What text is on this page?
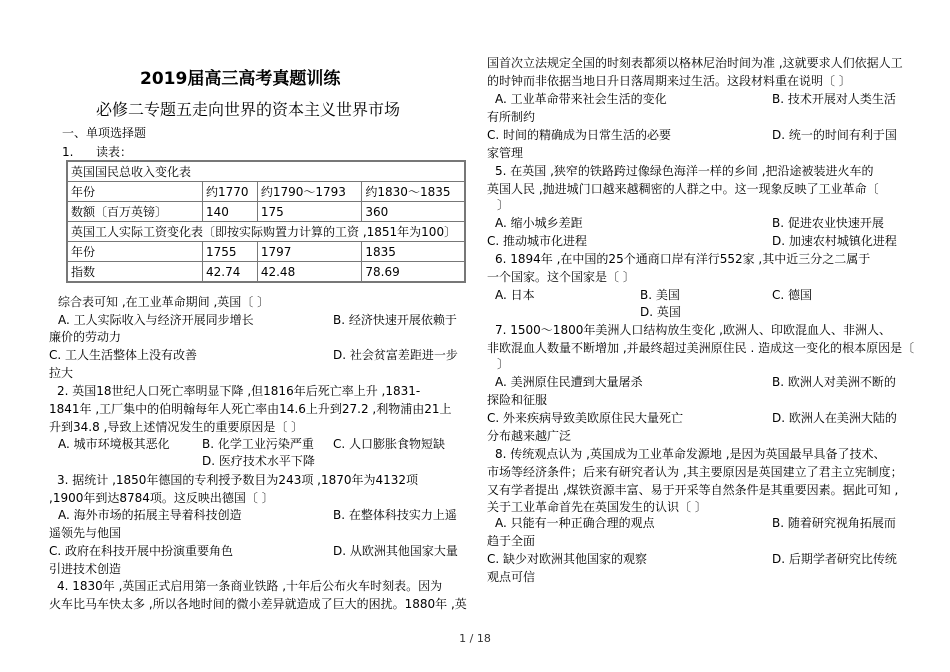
2019届高三高考真题训练
必修二专题五走向世界的资本主义世界市场
一、单项选择题
1. 读表：
英国国民总收入变化表			
年份	约1770	约1790～1793	约1830～1835
数额〔百万英镑〕	140	175	360
英国工人实际工资变化表〔即按实际购置力计算的工资 ,1851年为100〕			
年份	1755	1797	1835
指数	42.74	42.48	78.69
综合表可知 ,在工业革命期间 ,英国〔 〕
A. 工人实际收入与经济开展同步增长	B. 经济快速开展依赖于
廉价的劳动力
C. 工人生活整体上没有改善	D. 社会贫富差距进一步
拉大
2. 英国18世纪人口死亡率明显下降 ,但1816年后死亡率上升 ,1831-
1841年 ,工厂集中的伯明翰每年人死亡率由14.6上升到27.2 ,利物浦由21上
升到34.8 ,导致上述情况发生的重要原因是〔 〕
A. 城市环境极其恶化	B. 化学工业污染严重 C. 人口膨胀食物短缺
D. 医疗技术水平下降
3. 据统计 ,1850年德国的专利授予数目为243项 ,1870年为4132项
,1900年到达8784项。这反映出德国〔 〕
A. 海外市场的拓展主导着科技创造	B. 在整体科技实力上遥
遥领先与他国
C. 政府在科技开展中扮演重要角色	D. 从欧洲其他国家大量
引进技术创造
4. 1830年 ,英国正式启用第一条商业铁路 ,十年后公布火车时刻表。因为
火车比马车快太多 ,所以各地时间的微小差异就造成了巨大的困扰。1880年 ,英
国首次立法规定全国的时刻表都须以格林尼治时间为准 ,这就要求人们依据人工
的时钟而非依据当地日升日落周期来过生活。这段材料重在说明〔 〕
A. 工业革命带来社会生活的变化	B. 技术开展对人类生活
有所制约
C. 时间的精确成为日常生活的必要	D. 统一的时间有利于国
家管理
5. 在英国 ,狭窄的铁路跨过像绿色海洋一样的乡间 ,把沿途被装进火车的
英国人民 ,抛进城门口越来越稠密的人群之中。这一现象反映了工业革命〔
〕
A. 缩小城乡差距	B. 促进农业快速开展
C. 推动城市化进程	D. 加速农村城镇化进程
6. 1894年 ,在中国的25个通商口岸有洋行552家 ,其中近三分之二属于
一个国家。这个国家是〔 〕
A. 日本	B. 美国	C. 德国
D. 英国
7. 1500～1800年美洲人口结构放生变化 ,欧洲人、印欧混血人、非洲人、
非欧混血人数量不断增加 ,并最终超过美洲原住民 . 造成这一变化的根本原因是〔
〕
A. 美洲原住民遭到大量屠杀	B. 欧洲人对美洲不断的
探险和征服
C. 外来疾病导致美欧原住民大量死亡	D. 欧洲人在美洲大陆的
分布越来越广泛
8. 传统观点认为 ,英国成为工业革命发源地 ,是因为英国最早具备了技术、
市场等经济条件；后来有研究者认为 ,其主要原因是英国建立了君主立宪制度；
又有学者提出 ,煤铁资源丰富、易于开采等自然条件是其重要因素。据此可知 ,
关于工业革命首先在英国发生的认识〔 〕
A. 只能有一种正确合理的观点	B. 随着研究视角拓展而
趋于全面
C. 缺少对欧洲其他国家的观察	D. 后期学者研究比传统
观点可信
1 / 18
